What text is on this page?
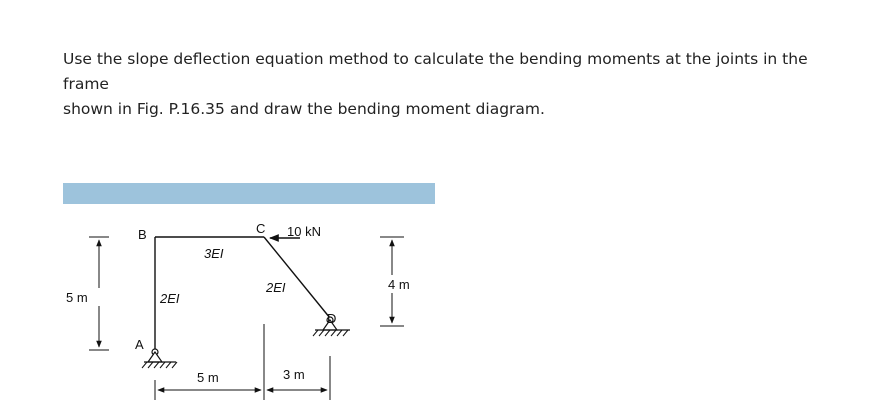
Use the slope deflection equation method to calculate the bending moments at the joints in the frame
shown in Fig. P.16.35 and draw the bending moment diagram.

5 m
4 m
B	C
A
D
3EI
2EI
2EI
10 kN
5 m	3 m
